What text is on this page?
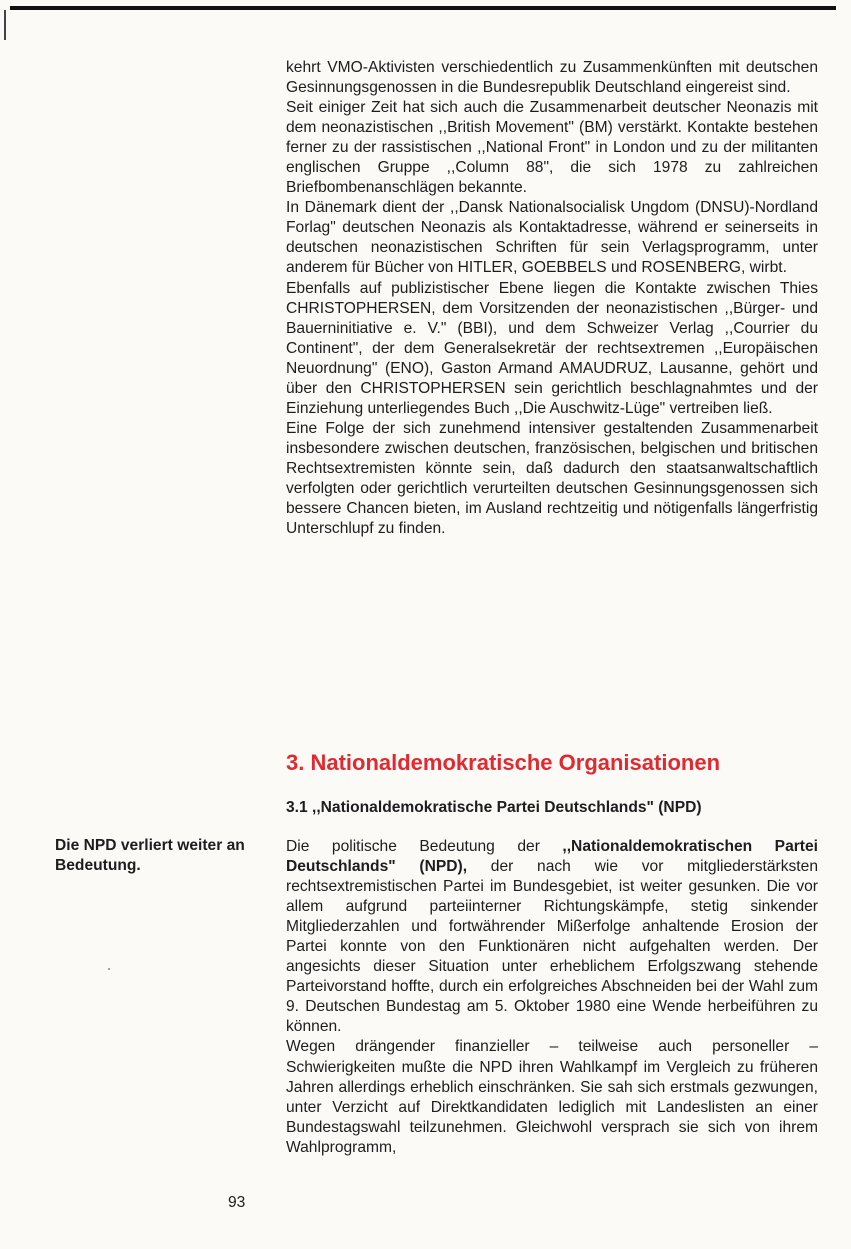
kehrt VMO-Aktivisten verschiedentlich zu Zusammenkünften mit deutschen Gesinnungsgenossen in die Bundesrepublik Deutschland eingereist sind.

Seit einiger Zeit hat sich auch die Zusammenarbeit deutscher Neonazis mit dem neonazistischen ,,British Movement" (BM) verstärkt. Kontakte bestehen ferner zu der rassistischen ,,National Front" in London und zu der militanten englischen Gruppe ,,Column 88", die sich 1978 zu zahlreichen Briefbombenanschlägen bekannte.

In Dänemark dient der ,,Dansk Nationalsocialisk Ungdom (DNSU)-Nordland Forlag" deutschen Neonazis als Kontaktadresse, während er seinerseits in deutschen neonazistischen Schriften für sein Verlagsprogramm, unter anderem für Bücher von HITLER, GOEBBELS und ROSENBERG, wirbt.

Ebenfalls auf publizistischer Ebene liegen die Kontakte zwischen Thies CHRISTOPHERSEN, dem Vorsitzenden der neonazistischen ,,Bürger- und Bauerninitiative e. V." (BBI), und dem Schweizer Verlag ,,Courrier du Continent", der dem Generalsekretär der rechtsextremen ,,Europäischen Neuordnung" (ENO), Gaston Armand AMAUDRUZ, Lausanne, gehört und über den CHRISTOPHERSEN sein gerichtlich beschlagnahmtes und der Einziehung unterliegendes Buch ,,Die Auschwitz-Lüge" vertreiben ließ.

Eine Folge der sich zunehmend intensiver gestaltenden Zusammenarbeit insbesondere zwischen deutschen, französischen, belgischen und britischen Rechtsextremisten könnte sein, daß dadurch den staatsanwaltschaftlich verfolgten oder gerichtlich verurteilten deutschen Gesinnungsgenossen sich bessere Chancen bieten, im Ausland rechtzeitig und nötigenfalls längerfristig Unterschlupf zu finden.

3. Nationaldemokratische Organisationen
3.1 ,,Nationaldemokratische Partei Deutschlands" (NPD)

Die NPD verliert weiter an Bedeutung.

Die politische Bedeutung der ,,Nationaldemokratischen Partei Deutschlands" (NPD), der nach wie vor mitgliederstärksten rechtsextremistischen Partei im Bundesgebiet, ist weiter gesunken. Die vor allem aufgrund parteiinterner Richtungskämpfe, stetig sinkender Mitgliederzahlen und fortwährender Mißerfolge anhaltende Erosion der Partei konnte von den Funktionären nicht aufgehalten werden. Der angesichts dieser Situation unter erheblichem Erfolgszwang stehende Parteivorstand hoffte, durch ein erfolgreiches Abschneiden bei der Wahl zum 9. Deutschen Bundestag am 5. Oktober 1980 eine Wende herbeiführen zu können.

Wegen drängender finanzieller – teilweise auch personeller – Schwierigkeiten mußte die NPD ihren Wahlkampf im Vergleich zu früheren Jahren allerdings erheblich einschränken. Sie sah sich erstmals gezwungen, unter Verzicht auf Direktkandidaten lediglich mit Landeslisten an einer Bundestagswahl teilzunehmen. Gleichwohl versprach sie sich von ihrem Wahlprogramm,

93
